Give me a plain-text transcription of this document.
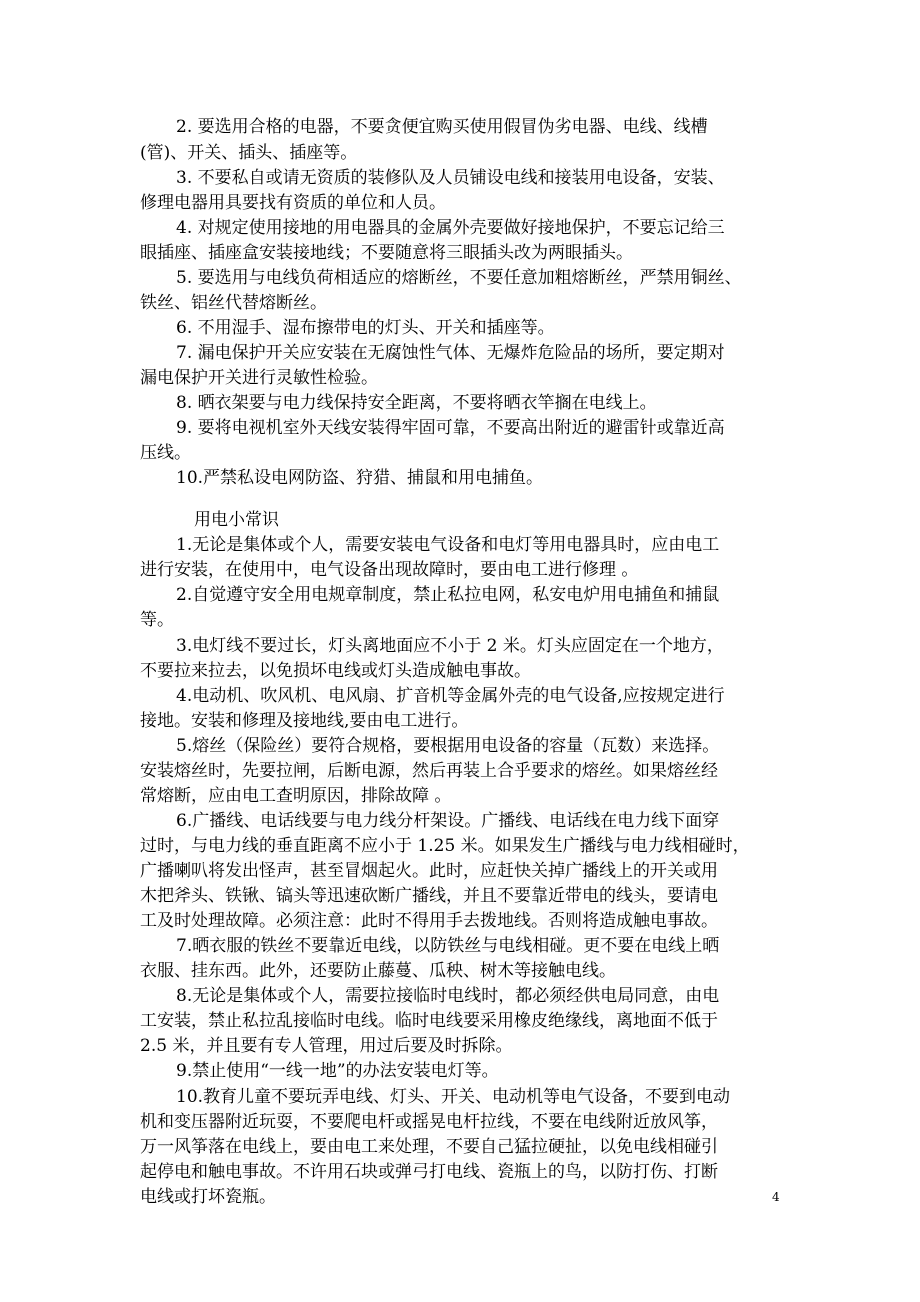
2. 要选用合格的电器，不要贪便宜购买使用假冒伪劣电器、电线、线槽
(管)、开关、插头、插座等。
3. 不要私自或请无资质的装修队及人员铺设电线和接装用电设备，安装、
修理电器用具要找有资质的单位和人员。
4. 对规定使用接地的用电器具的金属外壳要做好接地保护，不要忘记给三
眼插座、插座盒安装接地线；不要随意将三眼插头改为两眼插头。
5. 要选用与电线负荷相适应的熔断丝，不要任意加粗熔断丝，严禁用铜丝、
铁丝、铝丝代替熔断丝。
6. 不用湿手、湿布擦带电的灯头、开关和插座等。
7. 漏电保护开关应安装在无腐蚀性气体、无爆炸危险品的场所，要定期对
漏电保护开关进行灵敏性检验。
8. 晒衣架要与电力线保持安全距离，不要将晒衣竿搁在电线上。
9. 要将电视机室外天线安装得牢固可靠，不要高出附近的避雷针或靠近高
压线。
10.严禁私设电网防盗、狩猎、捕鼠和用电捕鱼。
用电小常识
1.无论是集体或个人，需要安装电气设备和电灯等用电器具时，应由电工
进行安装，在使用中，电气设备出现故障时，要由电工进行修理 。
2.自觉遵守安全用电规章制度，禁止私拉电网，私安电炉用电捕鱼和捕鼠
等。
3.电灯线不要过长，灯头离地面应不小于 2 米。灯头应固定在一个地方，
不要拉来拉去，以免损坏电线或灯头造成触电事故。
4.电动机、吹风机、电风扇、扩音机等金属外壳的电气设备,应按规定进行
接地。安装和修理及接地线,要由电工进行。
5.熔丝（保险丝）要符合规格，要根据用电设备的容量（瓦数）来选择。
安装熔丝时，先要拉闸，后断电源，然后再装上合乎要求的熔丝。如果熔丝经
常熔断，应由电工查明原因，排除故障 。
6.广播线、电话线要与电力线分杆架设。广播线、电话线在电力线下面穿
过时，与电力线的垂直距离不应小于 1.25 米。如果发生广播线与电力线相碰时，
广播喇叭将发出怪声，甚至冒烟起火。此时，应赶快关掉广播线上的开关或用
木把斧头、铁锹、镐头等迅速砍断广播线，并且不要靠近带电的线头，要请电
工及时处理故障。必须注意：此时不得用手去拨地线。否则将造成触电事故。
7.晒衣服的铁丝不要靠近电线，以防铁丝与电线相碰。更不要在电线上晒
衣服、挂东西。此外，还要防止藤蔓、瓜秧、树木等接触电线。
8.无论是集体或个人，需要拉接临时电线时，都必须经供电局同意，由电
工安装，禁止私拉乱接临时电线。临时电线要采用橡皮绝缘线，离地面不低于
2.5 米，并且要有专人管理，用过后要及时拆除。
9.禁止使用“一线一地”的办法安装电灯等。
10.教育儿童不要玩弄电线、灯头、开关、电动机等电气设备，不要到电动
机和变压器附近玩耍，不要爬电杆或摇晃电杆拉线，不要在电线附近放风筝，
万一风筝落在电线上，要由电工来处理，不要自己猛拉硬扯，以免电线相碰引
起停电和触电事故。不许用石块或弹弓打电线、瓷瓶上的鸟，以防打伤、打断
电线或打坏瓷瓶。	4
